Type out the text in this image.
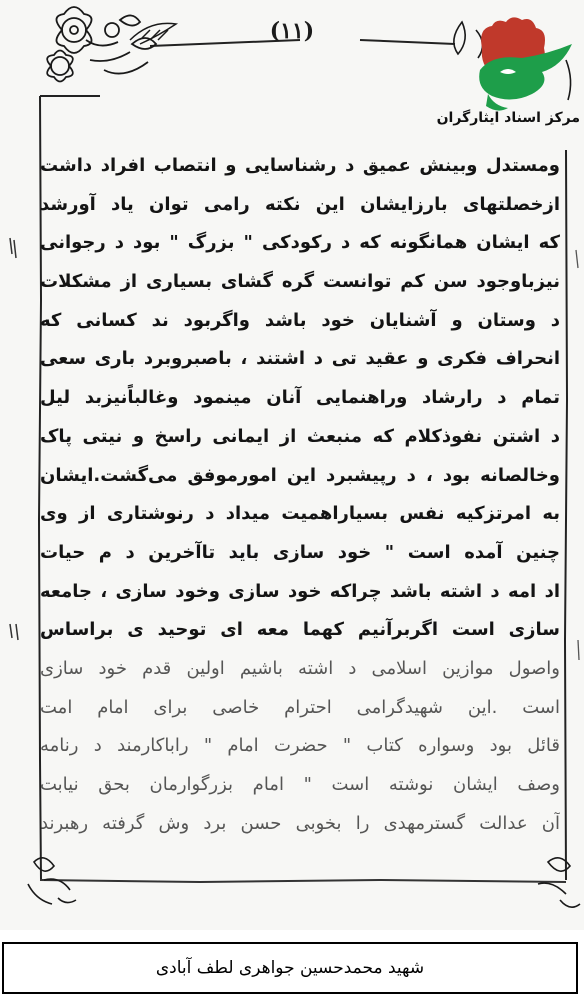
(۱۱)
مرکز اسناد ایثارگران
ومستدل وبینش عمیق د رشناسایی و انتصاب افراد داشت
ازخصلتهای بارزایشان این نکته رامی توان یاد آورشد
که ایشان همانگونه که د رکودکی " بزرگ " بود د رجوانی
نیزباوجود سن کم توانست گره گشای بسیاری از مشکلات
د وستان و آشنایان خود باشد واگربود ند کسانی که
انحراف فکری و عقید تی د اشتند ، باصبروبرد باری سعی
تمام د رارشاد وراهنمایی آنان مینمود وغالباًنیزبد لیل
د اشتن نفوذکلام که منبعث از ایمانی راسخ و نیتی پاک
وخالصانه بود ، د رپیشبرد این امورموفق می‌گشت.ایشان
به امرتزکیه نفس بسیاراهمیت میداد د رنوشتاری از وی
چنین آمده است " خود سازی باید تاآخرین د م حیات
اد امه د اشته باشد چراکه خود سازی وخود سازی ، جامعه
سازی است اگربرآنیم کهما معه ای توحید ی براساس
واصول موازین اسلامی د اشته باشیم اولین قدم خود سازی
است .این شهیدگرامی احترام خاصی برای امام امت
قائل بود وسواره کتاب " حضرت امام " راباکارمند د رنامه
وصف ایشان نوشته است " امام بزرگوارمان بحق نیابت
آن عدالت گسترمهدی را بخوبی حسن برد وش گرفته رهبرند
شهید محمدحسین جواهری لطف آبادی
